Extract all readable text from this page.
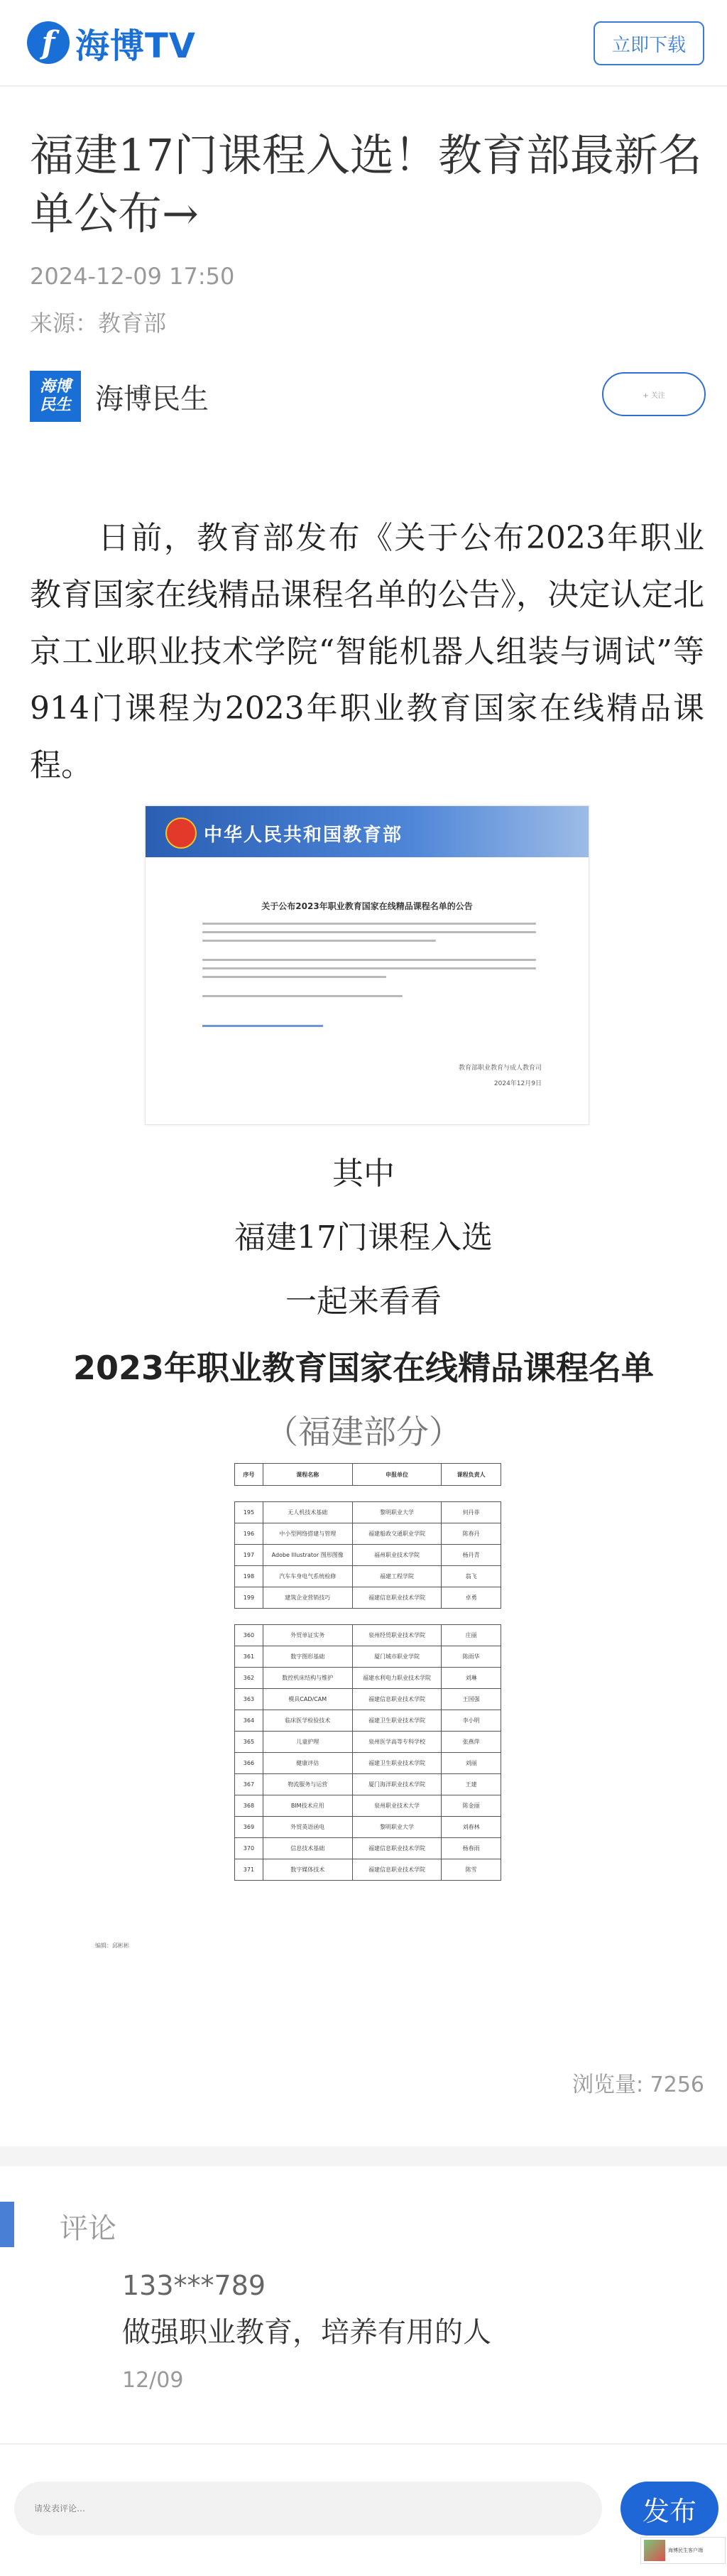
f 海博TV	立即下载
福建17门课程入选！教育部最新名单公布→
2024-12-09 17:50
来源：教育部
海博
民生 海博民生	+ 关注

日前，教育部发布《关于公布2023年职业教育国家在线精品课程名单的公告》，决定认定北京工业职业技术学院“智能机器人组装与调试”等914门课程为2023年职业教育国家在线精品课程。

中华人民共和国教育部
关于公布2023年职业教育国家在线精品课程名单的公告
教育部职业教育与成人教育司
2024年12月9日
其中
福建17门课程入选
一起来看看
2023年职业教育国家在线精品课程名单
（福建部分）
序号	课程名称	申报单位	课程负责人

195	无人机技术基础	黎明职业大学	何丹菲
196	中小型网络搭建与管理	福建船政交通职业学院	陈春丹
197	Adobe Illustrator 图形图像	福州职业技术学院	杨丹青
198	汽车车身电气系统检修	福建工程学院	翁飞
199	建筑企业营销技巧	福建信息职业技术学院	卓勇

360	外贸单证实务	泉州经贸职业技术学院	庄丽
361	数字图形基础	厦门城市职业学院	陈雨华
362	数控机床结构与维护	福建水利电力职业技术学院	刘琳
363	模具CAD/CAM	福建信息职业技术学院	王国强
364	临床医学检验技术	福建卫生职业技术学院	李小明
365	儿童护理	泉州医学高等专科学校	张燕萍
366	健康评估	福建卫生职业技术学院	刘丽
367	物流服务与运营	厦门海洋职业技术学院	王建
368	BIM技术应用	泉州职业技术大学	陈金丽
369	外贸英语函电	黎明职业大学	刘春林
370	信息技术基础	福建信息职业技术学院	杨春雨
371	数字媒体技术	福建信息职业技术学院	陈雪
编辑：邱彬彬
浏览量: 7256
评论
133***789
做强职业教育，培养有用的人
12/09
请发表评论…
发布
海博民生客户端
